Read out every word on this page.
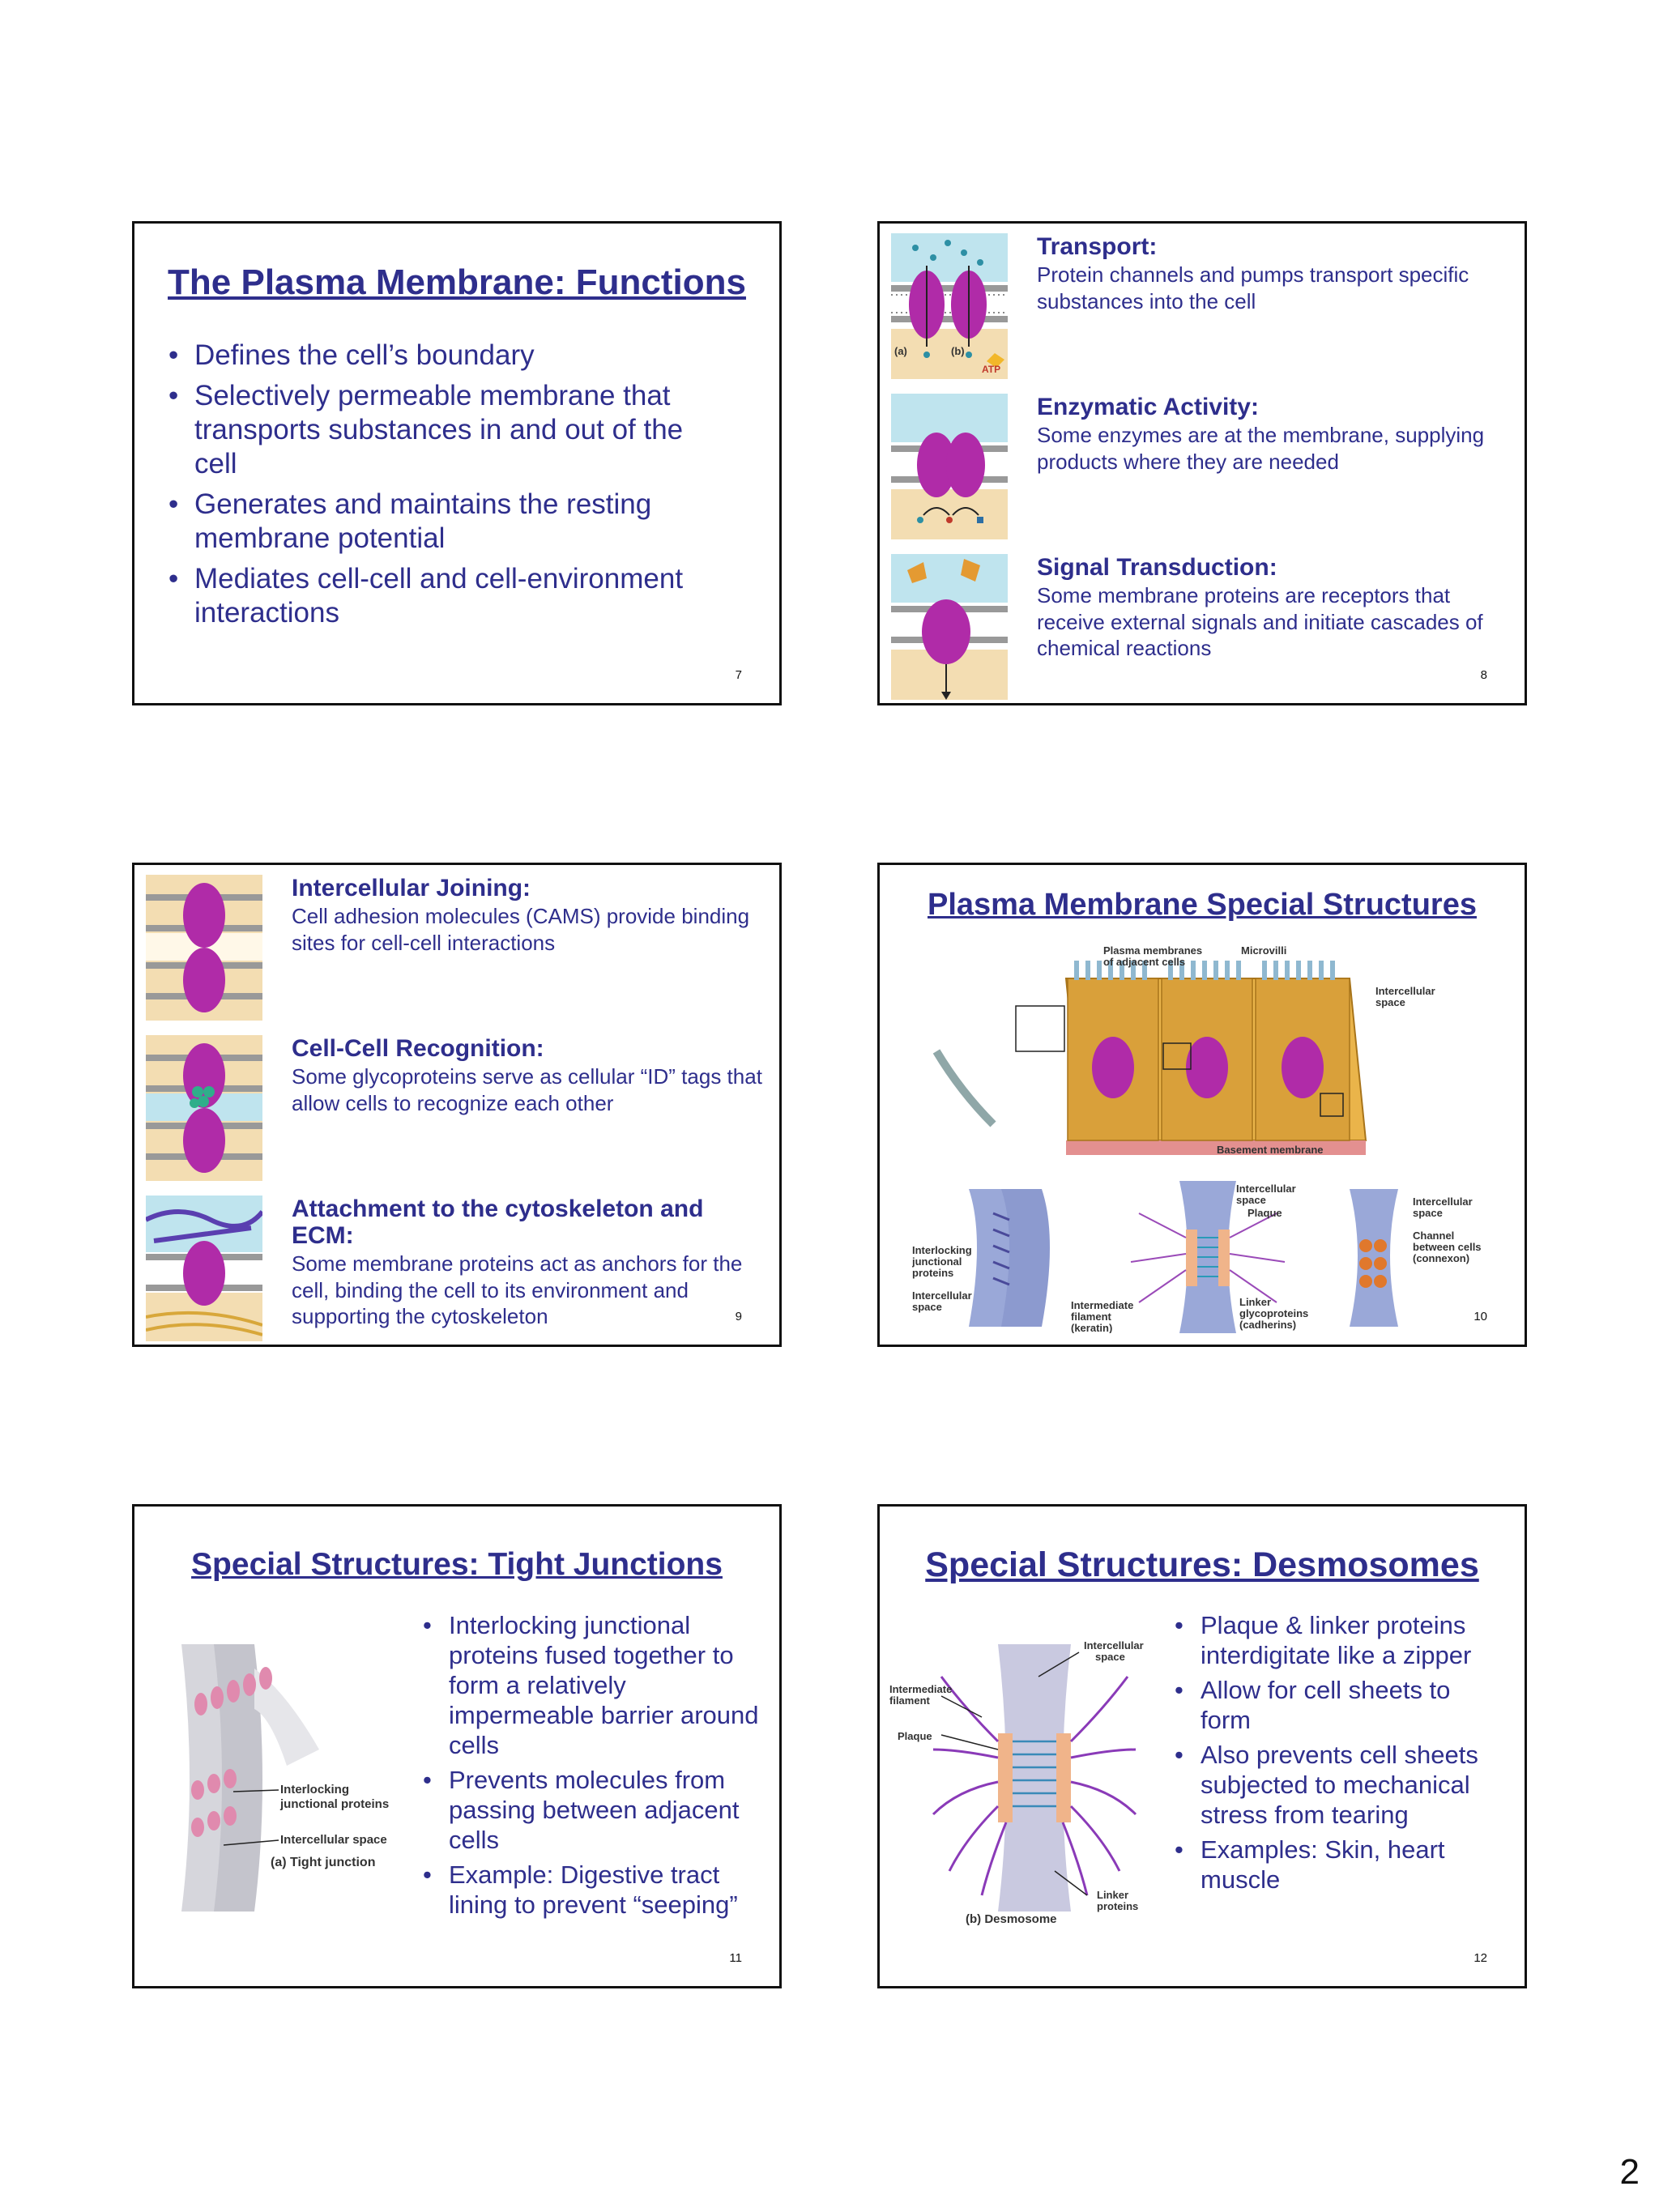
The Plasma Membrane: Functions
• Defines the cell’s boundary
• Selectively permeable membrane that transports substances in and out of the cell
• Generates and maintains the resting membrane potential
• Mediates cell-cell and cell-environment interactions
7
(a)	(b)
ATP
Transport:
Protein channels and pumps transport specific substances into the cell
Enzymatic Activity:
Some enzymes are at the membrane, supplying products where they are needed
Signal Transduction:
Some membrane proteins are receptors that receive external signals and initiate cascades of chemical reactions
8
Intercellular Joining:
Cell adhesion molecules (CAMS) provide binding sites for cell-cell interactions
Cell-Cell Recognition:
Some glycoproteins serve as cellular “ID” tags that allow cells to recognize each other
Attachment to the cytoskeleton and ECM:
Some membrane proteins act as anchors for the cell, binding the cell to its environment and supporting the cytoskeleton	9
Plasma Membrane Special Structures
Plasma membranes
of adjacent cells
Microvilli
Intercellular
space
Basement membrane
Interlocking
junctional
proteins
Intercellular
space
Intercellular
space
Plaque
Intermediate
filament
(keratin)
Linker
glycoproteins
(cadherins)
Intercellular
space
Channel
between cells
(connexon)
10
Special Structures: Tight Junctions
Interlocking
junctional proteins
Intercellular space
(a) Tight junction
• Interlocking junctional proteins fused together to form a relatively impermeable barrier around cells
• Prevents molecules from passing between adjacent cells
• Example: Digestive tract lining to prevent “seeping”
11
Special Structures: Desmosomes
Intermediate
filament
Plaque
Intercellular
space
Linker
proteins
(b) Desmosome
• Plaque & linker proteins interdigitate like a zipper
• Allow for cell sheets to form
• Also prevents cell sheets subjected to mechanical stress from tearing
• Examples: Skin, heart muscle
12
2
